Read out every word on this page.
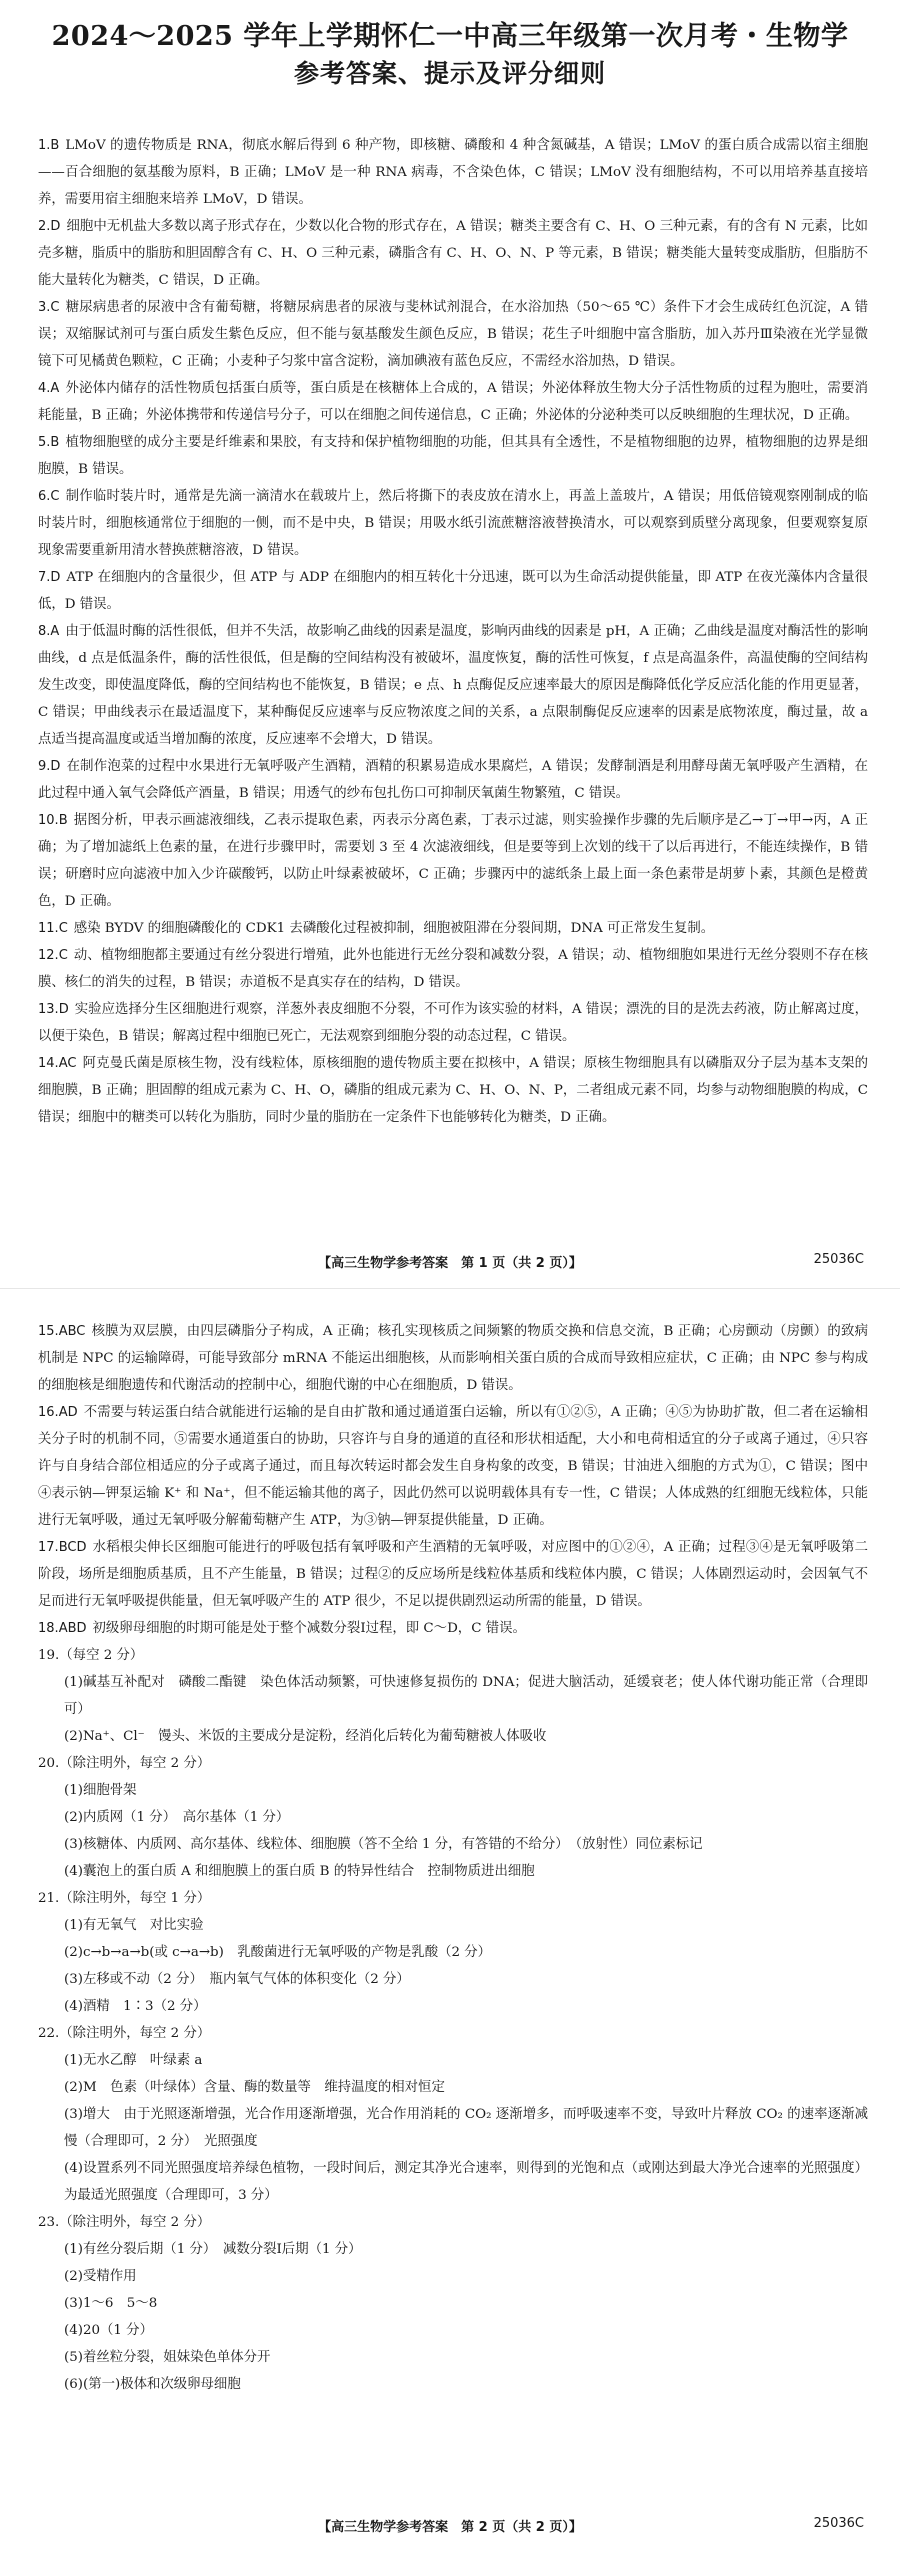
2024～2025 学年上学期怀仁一中高三年级第一次月考・生物学
参考答案、提示及评分细则

1.B LMoV 的遗传物质是 RNA，彻底水解后得到 6 种产物，即核糖、磷酸和 4 种含氮碱基，A 错误；LMoV 的蛋白质合成需以宿主细胞——百合细胞的氨基酸为原料，B 正确；LMoV 是一种 RNA 病毒，不含染色体，C 错误；LMoV 没有细胞结构，不可以用培养基直接培养，需要用宿主细胞来培养 LMoV，D 错误。

2.D 细胞中无机盐大多数以离子形式存在，少数以化合物的形式存在，A 错误；糖类主要含有 C、H、O 三种元素，有的含有 N 元素，比如壳多糖，脂质中的脂肪和胆固醇含有 C、H、O 三种元素，磷脂含有 C、H、O、N、P 等元素，B 错误；糖类能大量转变成脂肪，但脂肪不能大量转化为糖类，C 错误，D 正确。

3.C 糖尿病患者的尿液中含有葡萄糖，将糖尿病患者的尿液与斐林试剂混合，在水浴加热（50～65 ℃）条件下才会生成砖红色沉淀，A 错误；双缩脲试剂可与蛋白质发生紫色反应，但不能与氨基酸发生颜色反应，B 错误；花生子叶细胞中富含脂肪，加入苏丹Ⅲ染液在光学显微镜下可见橘黄色颗粒，C 正确；小麦种子匀浆中富含淀粉，滴加碘液有蓝色反应，不需经水浴加热，D 错误。

4.A 外泌体内储存的活性物质包括蛋白质等，蛋白质是在核糖体上合成的，A 错误；外泌体释放生物大分子活性物质的过程为胞吐，需要消耗能量，B 正确；外泌体携带和传递信号分子，可以在细胞之间传递信息，C 正确；外泌体的分泌种类可以反映细胞的生理状况，D 正确。

5.B 植物细胞壁的成分主要是纤维素和果胶，有支持和保护植物细胞的功能，但其具有全透性，不是植物细胞的边界，植物细胞的边界是细胞膜，B 错误。

6.C 制作临时装片时，通常是先滴一滴清水在载玻片上，然后将撕下的表皮放在清水上，再盖上盖玻片，A 错误；用低倍镜观察刚制成的临时装片时，细胞核通常位于细胞的一侧，而不是中央，B 错误；用吸水纸引流蔗糖溶液替换清水，可以观察到质壁分离现象，但要观察复原现象需要重新用清水替换蔗糖溶液，D 错误。

7.D ATP 在细胞内的含量很少，但 ATP 与 ADP 在细胞内的相互转化十分迅速，既可以为生命活动提供能量，即 ATP 在夜光藻体内含量很低，D 错误。

8.A 由于低温时酶的活性很低，但并不失活，故影响乙曲线的因素是温度，影响丙曲线的因素是 pH，A 正确；乙曲线是温度对酶活性的影响曲线，d 点是低温条件，酶的活性很低，但是酶的空间结构没有被破坏，温度恢复，酶的活性可恢复，f 点是高温条件，高温使酶的空间结构发生改变，即使温度降低，酶的空间结构也不能恢复，B 错误；e 点、h 点酶促反应速率最大的原因是酶降低化学反应活化能的作用更显著，C 错误；甲曲线表示在最适温度下，某种酶促反应速率与反应物浓度之间的关系，a 点限制酶促反应速率的因素是底物浓度，酶过量，故 a 点适当提高温度或适当增加酶的浓度，反应速率不会增大，D 错误。

9.D 在制作泡菜的过程中水果进行无氧呼吸产生酒精，酒精的积累易造成水果腐烂，A 错误；发酵制酒是利用酵母菌无氧呼吸产生酒精，在此过程中通入氧气会降低产酒量，B 错误；用透气的纱布包扎伤口可抑制厌氧菌生物繁殖，C 错误。

10.B 据图分析，甲表示画滤液细线，乙表示提取色素，丙表示分离色素，丁表示过滤，则实验操作步骤的先后顺序是乙→丁→甲→丙，A 正确；为了增加滤纸上色素的量，在进行步骤甲时，需要划 3 至 4 次滤液细线，但是要等到上次划的线干了以后再进行，不能连续操作，B 错误；研磨时应向滤液中加入少许碳酸钙，以防止叶绿素被破坏，C 正确；步骤丙中的滤纸条上最上面一条色素带是胡萝卜素，其颜色是橙黄色，D 正确。

11.C 感染 BYDV 的细胞磷酸化的 CDK1 去磷酸化过程被抑制，细胞被阻滞在分裂间期，DNA 可正常发生复制。

12.C 动、植物细胞都主要通过有丝分裂进行增殖，此外也能进行无丝分裂和减数分裂，A 错误；动、植物细胞如果进行无丝分裂则不存在核膜、核仁的消失的过程，B 错误；赤道板不是真实存在的结构，D 错误。

13.D 实验应选择分生区细胞进行观察，洋葱外表皮细胞不分裂，不可作为该实验的材料，A 错误；漂洗的目的是洗去药液，防止解离过度，以便于染色，B 错误；解离过程中细胞已死亡，无法观察到细胞分裂的动态过程，C 错误。

14.AC 阿克曼氏菌是原核生物，没有线粒体，原核细胞的遗传物质主要在拟核中，A 错误；原核生物细胞具有以磷脂双分子层为基本支架的细胞膜，B 正确；胆固醇的组成元素为 C、H、O，磷脂的组成元素为 C、H、O、N、P，二者组成元素不同，均参与动物细胞膜的构成，C 错误；细胞中的糖类可以转化为脂肪，同时少量的脂肪在一定条件下也能够转化为糖类，D 正确。

【高三生物学参考答案　第 1 页（共 2 页）】	25036C

15.ABC 核膜为双层膜，由四层磷脂分子构成，A 正确；核孔实现核质之间频繁的物质交换和信息交流，B 正确；心房颤动（房颤）的致病机制是 NPC 的运输障碍，可能导致部分 mRNA 不能运出细胞核，从而影响相关蛋白质的合成而导致相应症状，C 正确；由 NPC 参与构成的细胞核是细胞遗传和代谢活动的控制中心，细胞代谢的中心在细胞质，D 错误。

16.AD 不需要与转运蛋白结合就能进行运输的是自由扩散和通过通道蛋白运输，所以有①②⑤，A 正确；④⑤为协助扩散，但二者在运输相关分子时的机制不同，⑤需要水通道蛋白的协助，只容许与自身的通道的直径和形状相适配，大小和电荷相适宜的分子或离子通过，④只容许与自身结合部位相适应的分子或离子通过，而且每次转运时都会发生自身构象的改变，B 错误；甘油进入细胞的方式为①，C 错误；图中④表示钠—钾泵运输 K⁺ 和 Na⁺，但不能运输其他的离子，因此仍然可以说明载体具有专一性，C 错误；人体成熟的红细胞无线粒体，只能进行无氧呼吸，通过无氧呼吸分解葡萄糖产生 ATP，为③钠—钾泵提供能量，D 正确。

17.BCD 水稻根尖伸长区细胞可能进行的呼吸包括有氧呼吸和产生酒精的无氧呼吸，对应图中的①②④，A 正确；过程③④是无氧呼吸第二阶段，场所是细胞质基质，且不产生能量，B 错误；过程②的反应场所是线粒体基质和线粒体内膜，C 错误；人体剧烈运动时，会因氧气不足而进行无氧呼吸提供能量，但无氧呼吸产生的 ATP 很少，不足以提供剧烈运动所需的能量，D 错误。

18.ABD 初级卵母细胞的时期可能是处于整个减数分裂Ⅰ过程，即 C～D，C 错误。

19.（每空 2 分）

(1)碱基互补配对　磷酸二酯键　染色体活动频繁，可快速修复损伤的 DNA；促进大脑活动，延缓衰老；使人体代谢功能正常（合理即可）

(2)Na⁺、Cl⁻　馒头、米饭的主要成分是淀粉，经消化后转化为葡萄糖被人体吸收

20.（除注明外，每空 2 分）

(1)细胞骨架

(2)内质网（1 分）　高尔基体（1 分）

(3)核糖体、内质网、高尔基体、线粒体、细胞膜（答不全给 1 分，有答错的不给分）　（放射性）同位素标记

(4)囊泡上的蛋白质 A 和细胞膜上的蛋白质 B 的特异性结合　控制物质进出细胞

21.（除注明外，每空 1 分）

(1)有无氧气　对比实验

(2)c→b→a→b(或 c→a→b)　乳酸菌进行无氧呼吸的产物是乳酸（2 分）

(3)左移或不动（2 分）　瓶内氧气气体的体积变化（2 分）

(4)酒精　1∶3（2 分）

22.（除注明外，每空 2 分）

(1)无水乙醇　叶绿素 a

(2)M　色素（叶绿体）含量、酶的数量等　维持温度的相对恒定

(3)增大　由于光照逐渐增强，光合作用逐渐增强，光合作用消耗的 CO₂ 逐渐增多，而呼吸速率不变，导致叶片释放 CO₂ 的速率逐渐减慢（合理即可，2 分）　光照强度

(4)设置系列不同光照强度培养绿色植物，一段时间后，测定其净光合速率，则得到的光饱和点（或刚达到最大净光合速率的光照强度）为最适光照强度（合理即可，3 分）

23.（除注明外，每空 2 分）

(1)有丝分裂后期（1 分）　减数分裂Ⅰ后期（1 分）

(2)受精作用

(3)1～6　5～8

(4)20（1 分）

(5)着丝粒分裂，姐妹染色单体分开

(6)(第一)极体和次级卵母细胞

【高三生物学参考答案　第 2 页（共 2 页）】	25036C
